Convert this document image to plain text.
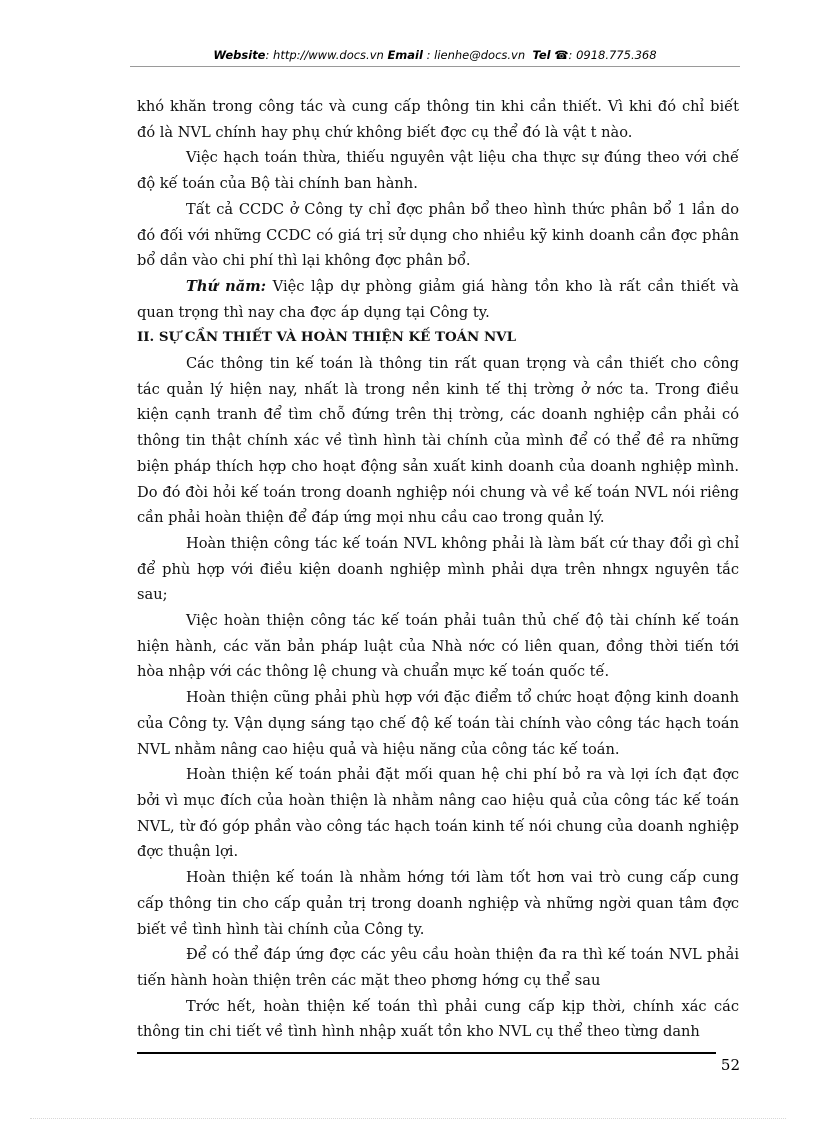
Website: http://www.docs.vn Email : lienhe@docs.vn Tel ☎: 0918.775.368

khó khăn trong công tác và cung cấp thông tin khi cần thiết. Vì khi đó chỉ biết đó là NVL chính hay phụ chứ không biết đợc cụ thể đó là vật t nào.

Việc hạch toán thừa, thiếu nguyên vật liệu cha thực sự đúng theo với chế độ kế toán của Bộ tài chính ban hành.

Tất cả CCDC ở Công ty chỉ đợc phân bổ theo hình thức phân bổ 1 lần do đó đối với những CCDC có giá trị sử dụng cho nhiều kỹ kinh doanh cần đợc phân bổ dần vào chi phí thì lại không đợc phân bổ.

Thứ năm: Việc lập dự phòng giảm giá hàng tồn kho là rất cần thiết và quan trọng thì nay cha đợc áp dụng tại Công ty.

II. SỰ CẦN THIẾT VÀ HOÀN THIỆN KẾ TOÁN NVL

Các thông tin kế toán là thông tin rất quan trọng và cần thiết cho công tác quản lý hiện nay, nhất là trong nền kinh tế thị trờng ở nớc ta. Trong điều kiện cạnh tranh để tìm chỗ đứng trên thị trờng, các doanh nghiệp cần phải có thông tin thật chính xác về tình hình tài chính của mình để có thể đề ra những biện pháp thích hợp cho hoạt động sản xuất kinh doanh của doanh nghiệp mình. Do đó đòi hỏi kế toán trong doanh nghiệp nói chung và về kế toán NVL nói riêng cần phải hoàn thiện để đáp ứng mọi nhu cầu cao trong quản lý.

Hoàn thiện công tác kế toán NVL không phải là làm bất cứ thay đổi gì chỉ để phù hợp với điều kiện doanh nghiệp mình phải dựa trên nhngx nguyên tắc sau;

Việc hoàn thiện công tác kế toán phải tuân thủ chế độ tài chính kế toán hiện hành, các văn bản pháp luật của Nhà nớc có liên quan, đồng thời tiến tới hòa nhập với các thông lệ chung và chuẩn mực kế toán quốc tế.

Hoàn thiện cũng phải phù hợp với đặc điểm tổ chức hoạt động kinh doanh của Công ty. Vận dụng sáng tạo chế độ kế toán tài chính vào công tác hạch toán NVL nhằm nâng cao hiệu quả và hiệu năng của công tác kế toán.

Hoàn thiện kế toán phải đặt mối quan hệ chi phí bỏ ra và lợi ích đạt đợc bởi vì mục đích của hoàn thiện là nhằm nâng cao hiệu quả của công tác kế toán NVL, từ đó góp phần vào công tác hạch toán kinh tế nói chung của doanh nghiệp đợc thuận lợi.

Hoàn thiện kế toán là nhằm hớng tới làm tốt hơn vai trò cung cấp cung cấp thông tin cho cấp quản trị trong doanh nghiệp và những ngời quan tâm đợc biết về tình hình tài chính của Công ty.

Để có thể đáp ứng đợc các yêu cầu hoàn thiện đa ra thì kế toán NVL phải tiến hành hoàn thiện trên các mặt theo phơng hớng cụ thể sau

Trớc hết, hoàn thiện kế toán thì phải cung cấp kịp thời, chính xác các thông tin chi tiết về tình hình nhập xuất tồn kho NVL cụ thể theo từng danh

52
